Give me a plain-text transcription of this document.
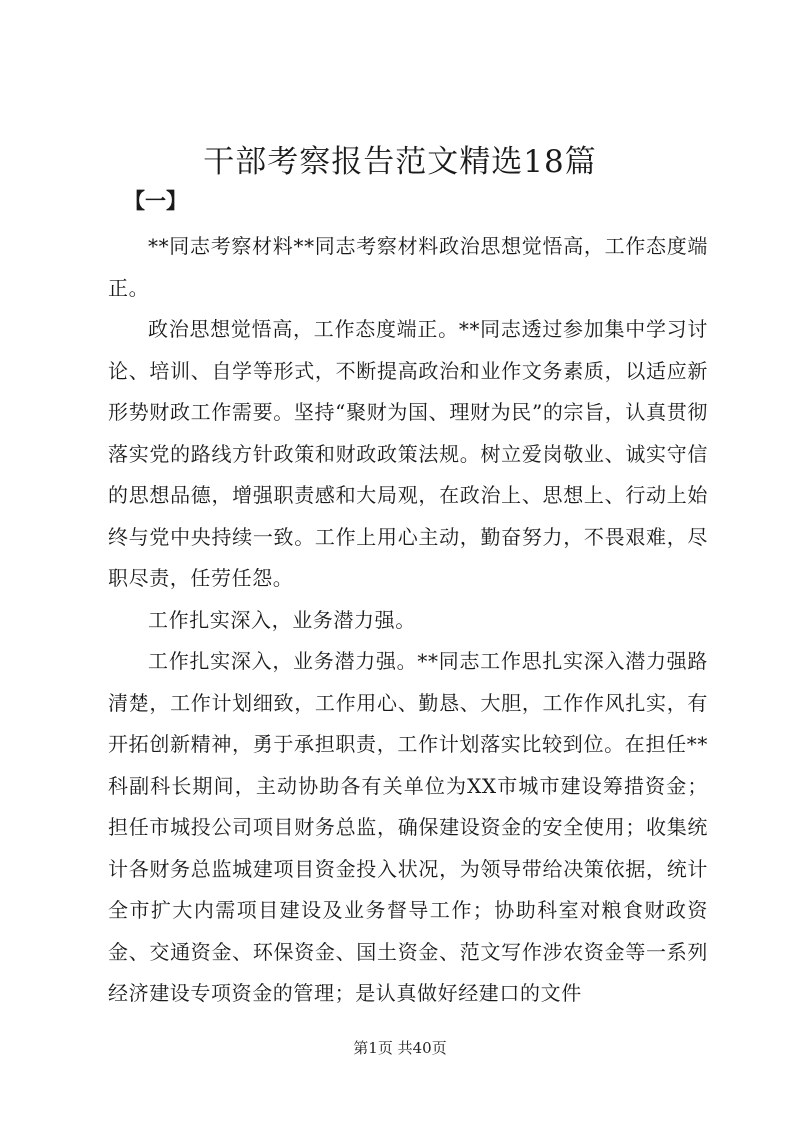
干部考察报告范文精选18篇
【一】

**同志考察材料**同志考察材料政治思想觉悟高，工作态度端正。

政治思想觉悟高，工作态度端正。**同志透过参加集中学习讨论、培训、自学等形式，不断提高政治和业作文务素质，以适应新形势财政工作需要。坚持“聚财为国、理财为民”的宗旨，认真贯彻落实党的路线方针政策和财政政策法规。树立爱岗敬业、诚实守信的思想品德，增强职责感和大局观，在政治上、思想上、行动上始终与党中央持续一致。工作上用心主动，勤奋努力，不畏艰难，尽职尽责，任劳任怨。

工作扎实深入，业务潜力强。

工作扎实深入，业务潜力强。**同志工作思扎实深入潜力强路清楚，工作计划细致，工作用心、勤恳、大胆，工作作风扎实，有开拓创新精神，勇于承担职责，工作计划落实比较到位。在担任**科副科长期间，主动协助各有关单位为XX市城市建设筹措资金；担任市城投公司项目财务总监，确保建设资金的安全使用；收集统计各财务总监城建项目资金投入状况，为领导带给决策依据，统计全市扩大内需项目建设及业务督导工作；协助科室对粮食财政资金、交通资金、环保资金、国土资金、范文写作涉农资金等一系列经济建设专项资金的管理；是认真做好经建口的文件

第1页 共40页
